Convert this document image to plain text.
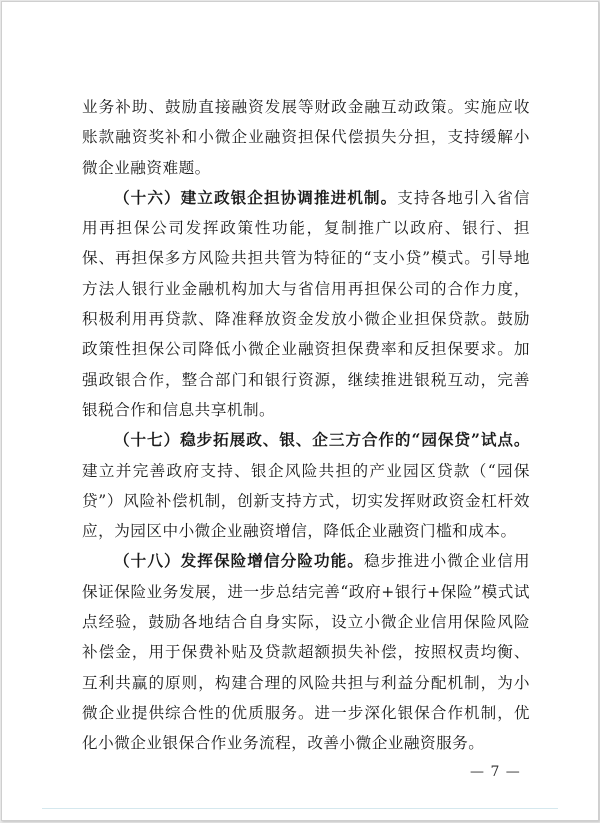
业务补助、鼓励直接融资发展等财政金融互动政策。实施应收账款融资奖补和小微企业融资担保代偿损失分担，支持缓解小微企业融资难题。

（十六）建立政银企担协调推进机制。支持各地引入省信用再担保公司发挥政策性功能，复制推广以政府、银行、担保、再担保多方风险共担共管为特征的“支小贷”模式。引导地方法人银行业金融机构加大与省信用再担保公司的合作力度，积极利用再贷款、降准释放资金发放小微企业担保贷款。鼓励政策性担保公司降低小微企业融资担保费率和反担保要求。加强政银合作，整合部门和银行资源，继续推进银税互动，完善银税合作和信息共享机制。

（十七）稳步拓展政、银、企三方合作的“园保贷”试点。建立并完善政府支持、银企风险共担的产业园区贷款（“园保贷”）风险补偿机制，创新支持方式，切实发挥财政资金杠杆效应，为园区中小微企业融资增信，降低企业融资门槛和成本。

（十八）发挥保险增信分险功能。稳步推进小微企业信用保证保险业务发展，进一步总结完善“政府+银行+保险”模式试点经验，鼓励各地结合自身实际，设立小微企业信用保险风险补偿金，用于保费补贴及贷款超额损失补偿，按照权责均衡、互利共赢的原则，构建合理的风险共担与利益分配机制，为小微企业提供综合性的优质服务。进一步深化银保合作机制，优化小微企业银保合作业务流程，改善小微企业融资服务。

— 7 —
